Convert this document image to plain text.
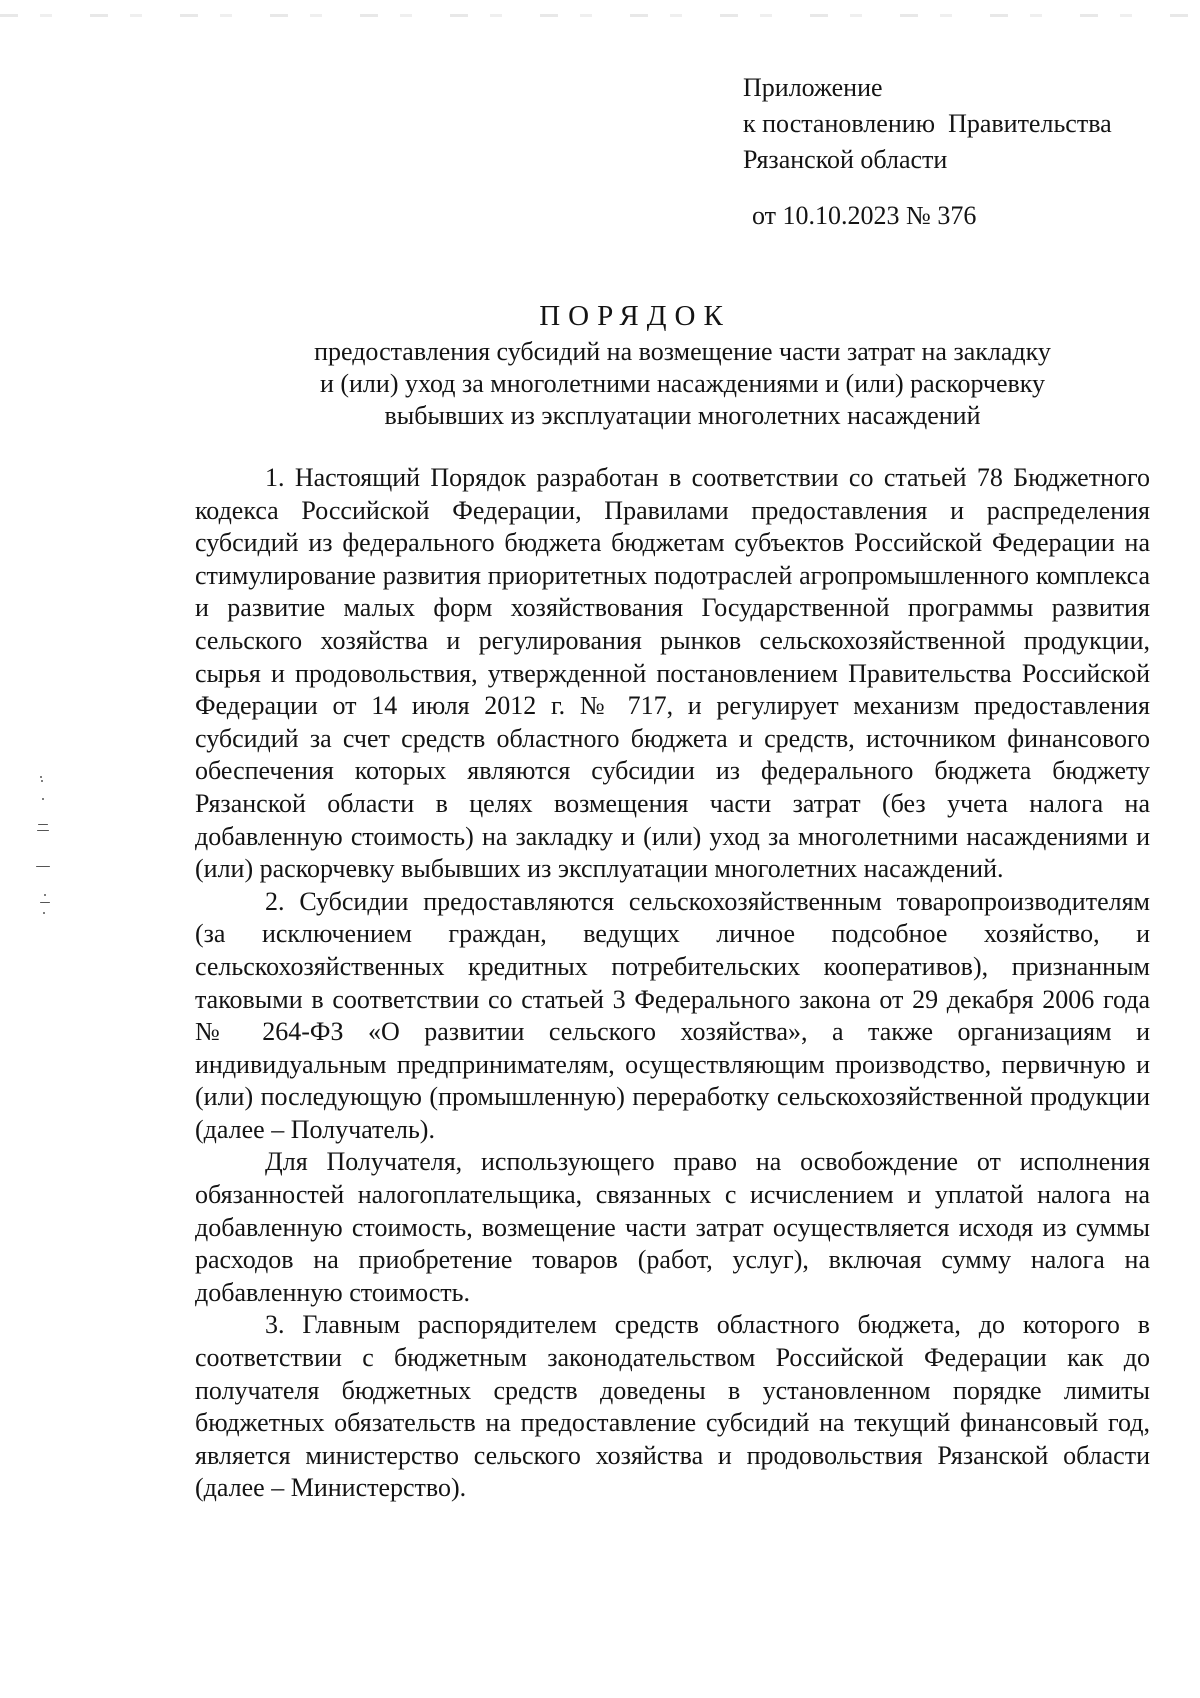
Приложение
к постановлению  Правительства
Рязанской области
от 10.10.2023 № 376
ПОРЯДОК
предоставления субсидий на возмещение части затрат на закладку
и (или) уход за многолетними насаждениями и (или) раскорчевку
выбывших из эксплуатации многолетних насаждений

1. Настоящий Порядок разработан в соответствии со статьей 78 Бюджетного кодекса Российской Федерации, Правилами предоставления и распределения субсидий из федерального бюджета бюджетам субъектов Российской Федерации на стимулирование развития приоритетных подотраслей агропромышленного комплекса и развитие малых форм хозяйствования Государственной программы развития сельского хозяйства и регулирования рынков сельскохозяйственной продукции, сырья и продовольствия, утвержденной постановлением Правительства Российской Федерации от 14 июля 2012 г. № 717, и регулирует механизм предоставления субсидий за счет средств областного бюджета и средств, источником финансового обеспечения которых являются субсидии из федерального бюджета бюджету Рязанской области в целях возмещения части затрат (без учета налога на добавленную стоимость) на закладку и (или) уход за многолетними насаждениями и (или) раскорчевку выбывших из эксплуатации многолетних насаждений.

2. Субсидии предоставляются сельскохозяйственным товаропроизводителям (за исключением граждан, ведущих личное подсобное хозяйство, и сельскохозяйственных кредитных потребительских кооперативов), признанным таковыми в соответствии со статьей 3 Федерального закона от 29 декабря 2006 года № 264-ФЗ «О развитии сельского хозяйства», а также организациям и индивидуальным предпринимателям, осуществляющим производство, первичную и (или) последующую (промышленную) переработку сельскохозяйственной продукции (далее – Получатель).

Для Получателя, использующего право на освобождение от исполнения обязанностей налогоплательщика, связанных с исчислением и уплатой налога на добавленную стоимость, возмещение части затрат осуществляется исходя из суммы расходов на приобретение товаров (работ, услуг), включая сумму налога на добавленную стоимость.

3. Главным распорядителем средств областного бюджета, до которого в соответствии с бюджетным законодательством Российской Федерации как до получателя бюджетных средств доведены в установленном порядке лимиты бюджетных обязательств на предоставление субсидий на текущий финансовый год, является министерство сельского хозяйства и продовольствия Рязанской области (далее – Министерство).
